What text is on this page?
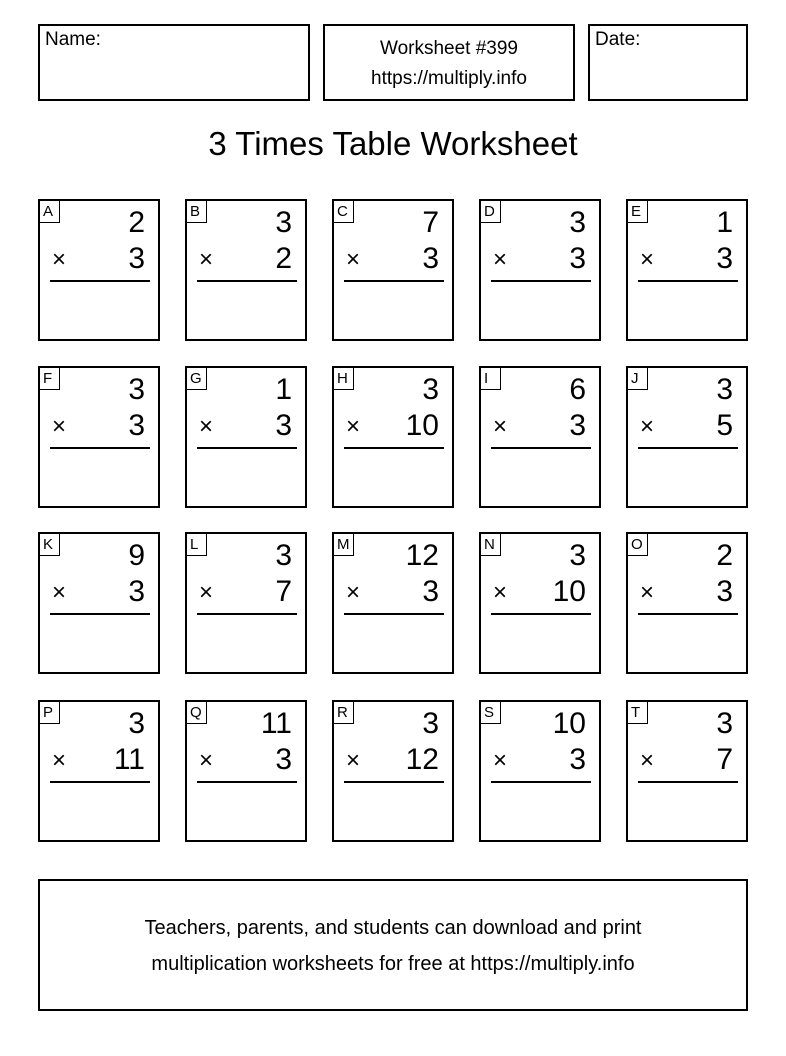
Name:	Worksheet #399
https://multiply.info
Date:
3 Times Table Worksheet
A	2
× 3
B	3
× 2
C 7
× 3
D 3
× 3
E	1
× 3
F	3
× 3
G 1
× 3
H 3
× 10
I	6
× 3
J	3
× 5
K	9
× 3
L	3
× 7
M 12
× 3
N 3
× 10
O 2
× 3
P	3
× 11
Q 11
× 3
R 3
× 12
S 10
× 3
T	3
× 7
Teachers, parents, and students can download and print
multiplication worksheets for free at https://multiply.info
